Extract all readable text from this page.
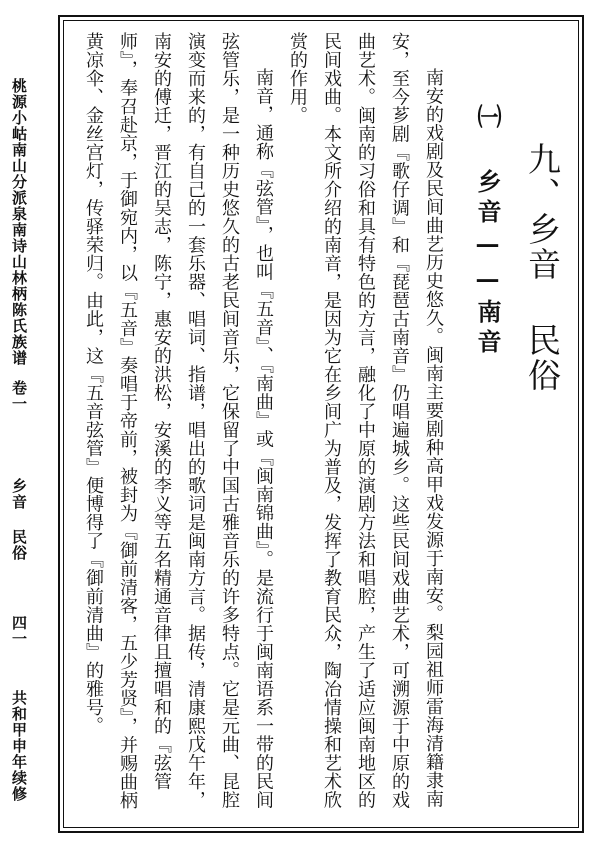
桃源小岵南山分派泉南诗山林柄陈氏族谱
卷一
乡音 民俗
四一
共和甲申年续修
九、乡音 民俗
㈠ 乡音——南音

南安的戏剧及民间曲艺历史悠久。闽南主要剧种高甲戏发源于南安。梨园祖师雷海清籍隶南安，至今芗剧『歌仔调』和『琵琶古南音』仍唱遍城乡。这些民间戏曲艺术，可溯源于中原的戏曲艺术。闽南的习俗和具有特色的方言，融化了中原的演剧方法和唱腔，产生了适应闽南地区的民间戏曲。本文所介绍的南音，是因为它在乡间广为普及，发挥了教育民众，陶冶情操和艺术欣赏的作用。

南音，通称『弦管』，也叫『五音』、『南曲』或『闽南锦曲』。是流行于闽南语系一带的民间弦管乐，是一种历史悠久的古老民间音乐，它保留了中国古雅音乐的许多特点。它是元曲、昆腔演变而来的，有自己的一套乐器、唱词、指谱，唱出的歌词是闽南方言。据传，清康熙戊午年，南安的傅迁，晋江的吴志，陈宁，惠安的洪松，安溪的李义等五名精通音律且擅唱和的『弦管师』，奉召赴京，于御宛内，以『五音』奏唱于帝前，被封为『御前清客，五少芳贤』，并赐曲柄黄凉伞、金丝宫灯，传驿荣归。由此，这『五音弦管』便博得了『御前清曲』的雅号。
